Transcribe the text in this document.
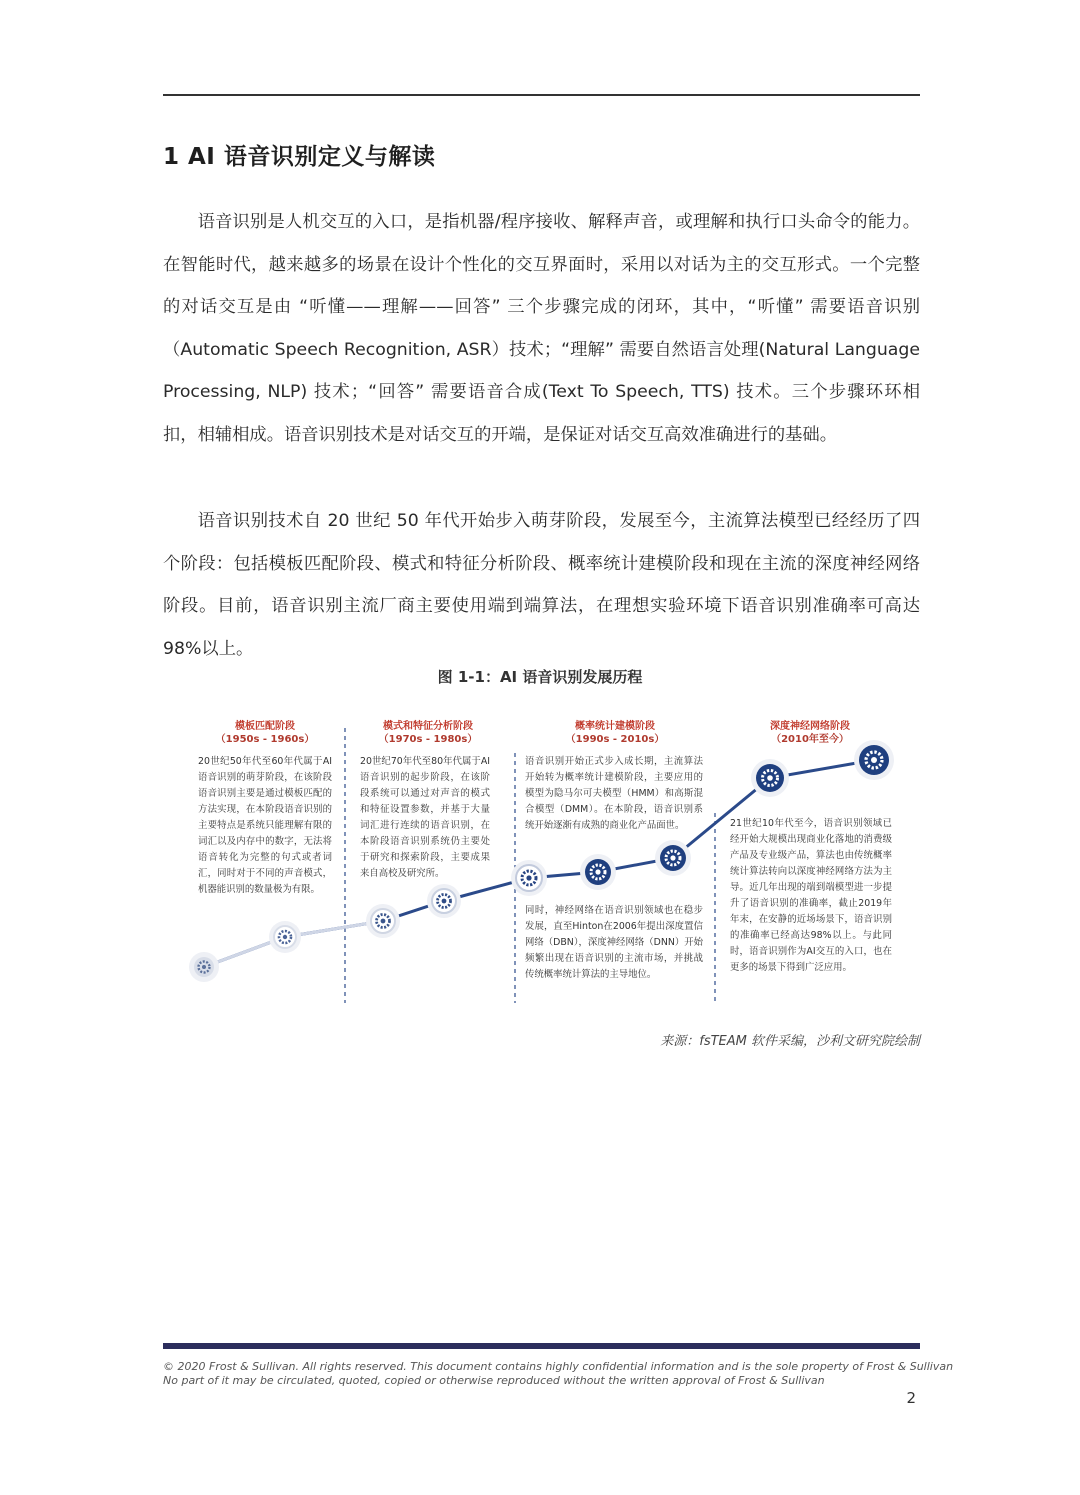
1 AI 语音识别定义与解读

语音识别是人机交互的入口，是指机器/程序接收、解释声音，或理解和执行口头命令的能力。在智能时代，越来越多的场景在设计个性化的交互界面时，采用以对话为主的交互形式。一个完整的对话交互是由 “听懂——理解——回答” 三个步骤完成的闭环，其中，“听懂” 需要语音识别（Automatic Speech Recognition, ASR）技术；“理解” 需要自然语言处理(Natural Language Processing, NLP) 技术；“回答” 需要语音合成(Text To Speech, TTS) 技术。三个步骤环环相扣，相辅相成。语音识别技术是对话交互的开端，是保证对话交互高效准确进行的基础。

语音识别技术自 20 世纪 50 年代开始步入萌芽阶段，发展至今，主流算法模型已经经历了四个阶段：包括模板匹配阶段、模式和特征分析阶段、概率统计建模阶段和现在主流的深度神经网络阶段。目前，语音识别主流厂商主要使用端到端算法，在理想实验环境下语音识别准确率可高达 98%以上。

图 1-1：AI 语音识别发展历程
模板匹配阶段
（1950s - 1960s）
20世纪50年代至60年代属于AI语音识别的萌芽阶段，在该阶段语音识别主要是通过模板匹配的方法实现，在本阶段语音识别的主要特点是系统只能理解有限的词汇以及内存中的数字，无法将语音转化为完整的句式或者词汇，同时对于不同的声音模式，机器能识别的数量极为有限。
模式和特征分析阶段
（1970s - 1980s）
20世纪70年代至80年代属于AI语音识别的起步阶段，在该阶段系统可以通过对声音的模式和特征设置参数，并基于大量词汇进行连续的语音识别，在本阶段语音识别系统仍主要处于研究和探索阶段，主要成果来自高校及研究所。
概率统计建模阶段
（1990s - 2010s）
语音识别开始正式步入成长期，主流算法开始转为概率统计建模阶段，主要应用的模型为隐马尔可夫模型（HMM）和高斯混合模型（DMM）。在本阶段，语音识别系统开始逐渐有成熟的商业化产品面世。
同时，神经网络在语音识别领域也在稳步发展，直至Hinton在2006年提出深度置信网络（DBN），深度神经网络（DNN）开始频繁出现在语音识别的主流市场，并挑战传统概率统计算法的主导地位。
深度神经网络阶段
（2010年至今）
21世纪10年代至今，语音识别领域已经开始大规模出现商业化落地的消费级产品及专业级产品，算法也由传统概率统计算法转向以深度神经网络方法为主导。近几年出现的端到端模型进一步提升了语音识别的准确率，截止2019年年末，在安静的近场场景下，语音识别的准确率已经高达98%以上。与此同时，语音识别作为AI交互的入口，也在更多的场景下得到广泛应用。
来源：fsTEAM 软件采编，沙利文研究院绘制
© 2020 Frost & Sullivan. All rights reserved. This document contains highly confidential information and is the sole property of Frost & Sullivan
No part of it may be circulated, quoted, copied or otherwise reproduced without the written approval of Frost & Sullivan
2
